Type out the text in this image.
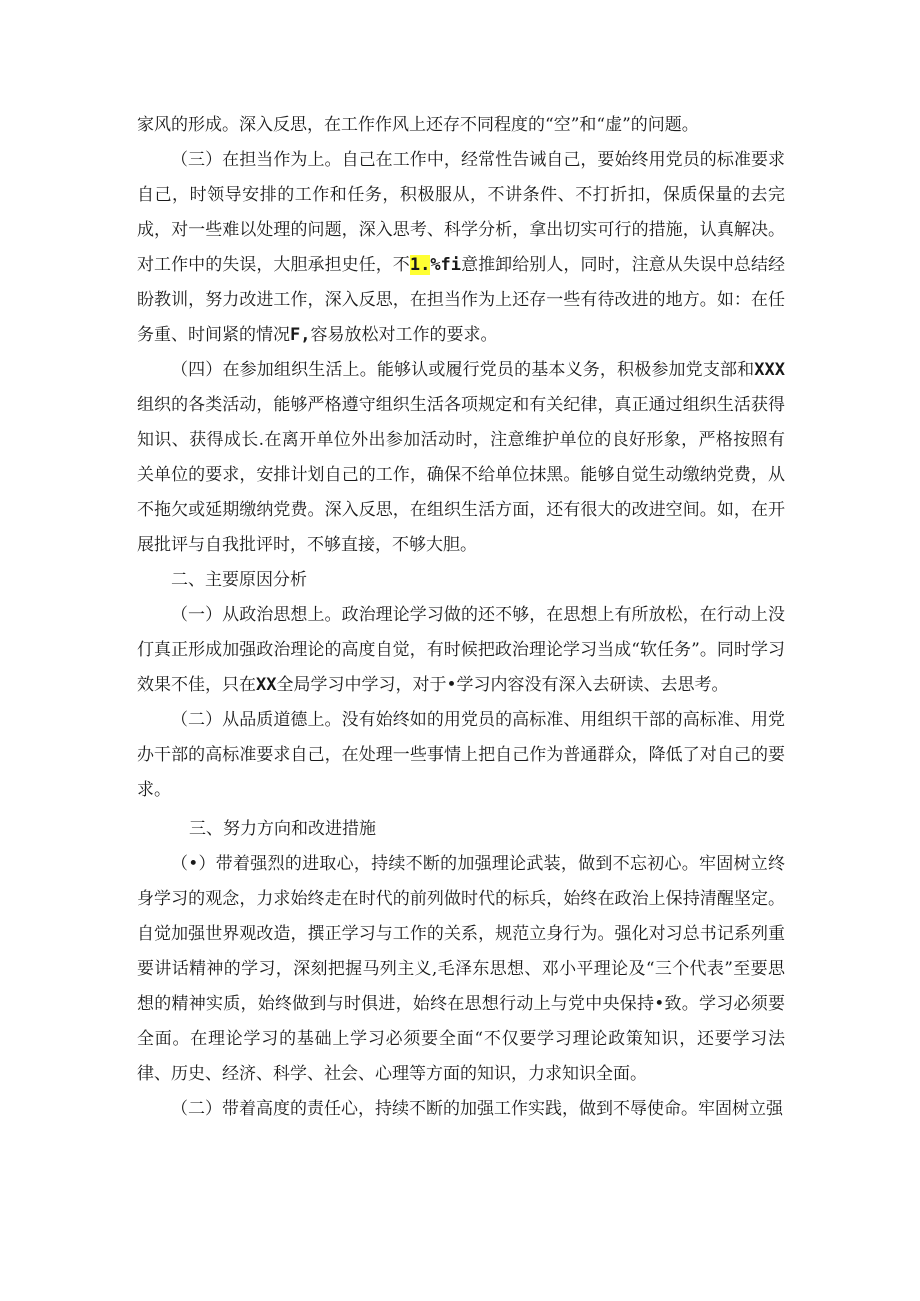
家风的形成。深入反思，在工作作风上还存不同程度的“空”和“虚”的问题。

（三）在担当作为上。自己在工作中，经常性告诫自己，要始终用党员的标准要求自己，时领导安排的工作和任务，积极服从，不讲条件、不打折扣，保质保量的去完成，对一些难以处理的问题，深入思考、科学分析，拿出切实可行的措施，认真解决。对工作中的失误，大胆承担史任，不1.%fi意推卸给别人，同时，注意从失误中总结经盼教训，努力改进工作，深入反思，在担当作为上还存一些有待改进的地方。如：在任务重、时间紧的情况F,容易放松对工作的要求。

（四）在参加组织生活上。能够认或履行党员的基本义务，积极参加党支部和XXX组织的各类活动，能够严格遵守组织生活各项规定和有关纪律，真正通过组织生活获得知识、获得成长.在离开单位外出参加活动时，注意维护单位的良好形象，严格按照有关单位的要求，安排计划自己的工作，确保不给单位抹黑。能够自觉生动缴纳党费，从不拖欠或延期缴纳党费。深入反思，在组织生活方面，还有很大的改进空间。如，在开展批评与自我批评时，不够直接，不够大胆。

二、主要原因分析

（一）从政治思想上。政治理论学习做的还不够，在思想上有所放松，在行动上没仃真正形成加强政治理论的高度自觉，有时候把政治理论学习当成“软任务”。同时学习效果不佳，只在XX全局学习中学习，对于•学习内容没有深入去研读、去思考。

（二）从品质道德上。没有始终如的用党员的高标准、用组织干部的高标准、用党办干部的高标准要求自己，在处理一些事情上把自己作为普通群众，降低了对自己的要求。

三、努力方向和改进措施

（•）带着强烈的进取心，持续不断的加强理论武装，做到不忘初心。牢固树立终身学习的观念，力求始终走在时代的前列做时代的标兵，始终在政治上保持清醒坚定。自觉加强世界观改造，撰正学习与工作的关系，规范立身行为。强化对习总书记系列重要讲话精神的学习，深刻把握马列主义,毛泽东思想、邓小平理论及“三个代表”至要思想的精神实质，始终做到与时俱进，始终在思想行动上与党中央保持•致。学习必须要全面。在理论学习的基础上学习必须要全面“不仅要学习理论政策知识，还要学习法律、历史、经济、科学、社会、心理等方面的知识，力求知识全面。

（二）带着高度的责任心，持续不断的加强工作实践，做到不辱使命。牢固树立强
